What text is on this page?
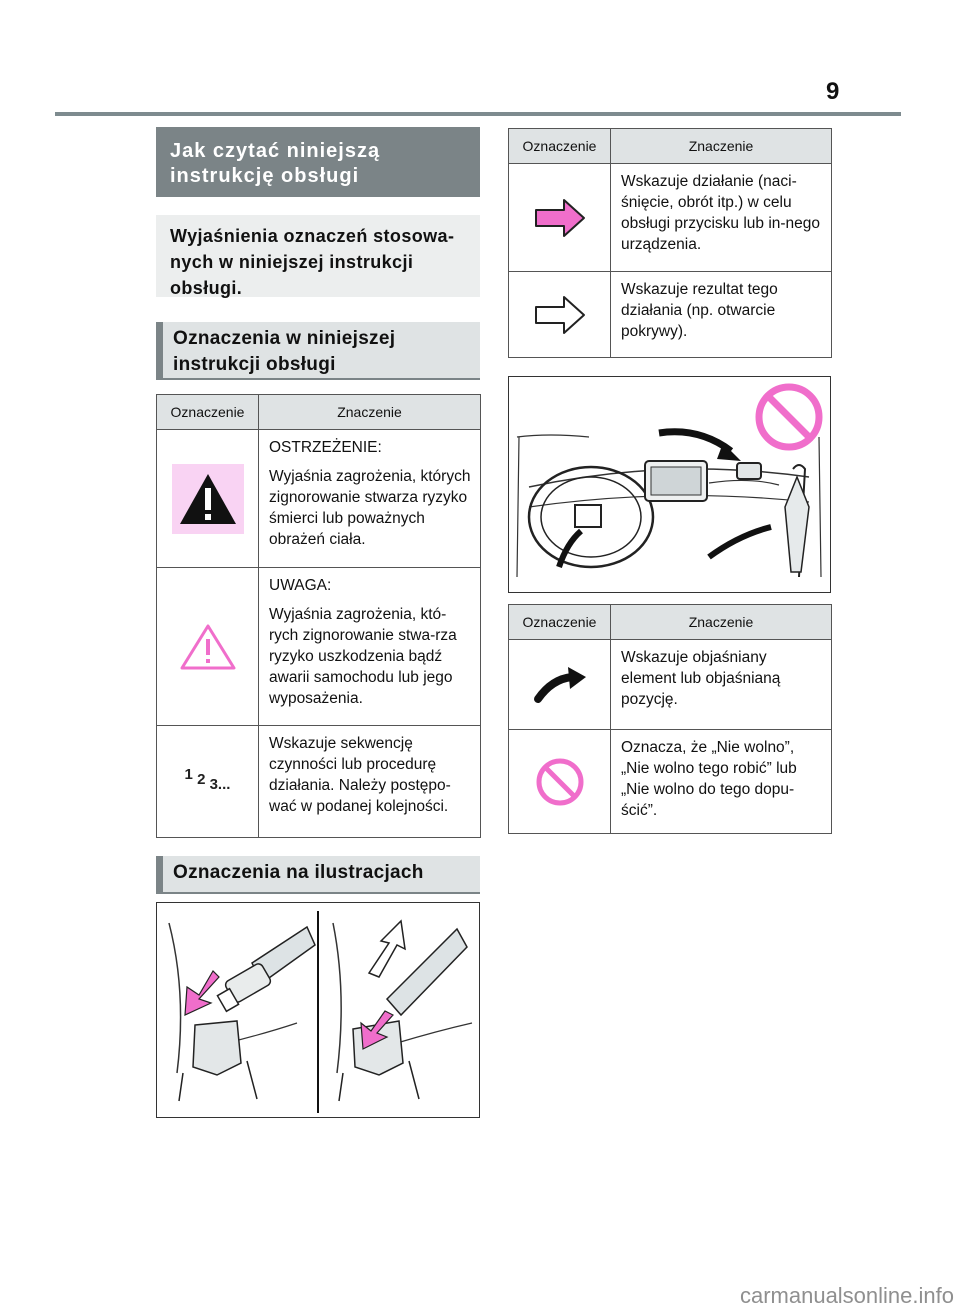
9
Jak czytać niniejszą instrukcję obsługi
Wyjaśnienia oznaczeń stosowa-nych w niniejszej instrukcji obsługi.
Oznaczenia w niniejszej instrukcji obsługi
Oznaczenie	Znaczenie

OSTRZEŻENIE:

Wyjaśnia zagrożenia, których zignorowanie stwarza ryzyko śmierci lub poważnych obrażeń ciała.

UWAGA:

Wyjaśnia zagrożenia, któ-rych zignorowanie stwa-rza ryzyko uszkodzenia bądź awarii samochodu lub jego wyposażenia.

1 2 3...	Wskazuje sekwencję czynności lub procedurę działania. Należy postępo-wać w podanej kolejności.

Oznaczenia na ilustracjach
Oznaczenie	Znaczenie

Wskazuje działanie (naci-śnięcie, obrót itp.) w celu obsługi przycisku lub in-nego urządzenia.

Wskazuje rezultat tego działania (np. otwarcie pokrywy).

Oznaczenie	Znaczenie

Wskazuje objaśniany element lub objaśnianą pozycję.

Oznacza, że „Nie wolno”, „Nie wolno tego robić” lub „Nie wolno do tego dopu-ścić”.

carmanualsonline.info
